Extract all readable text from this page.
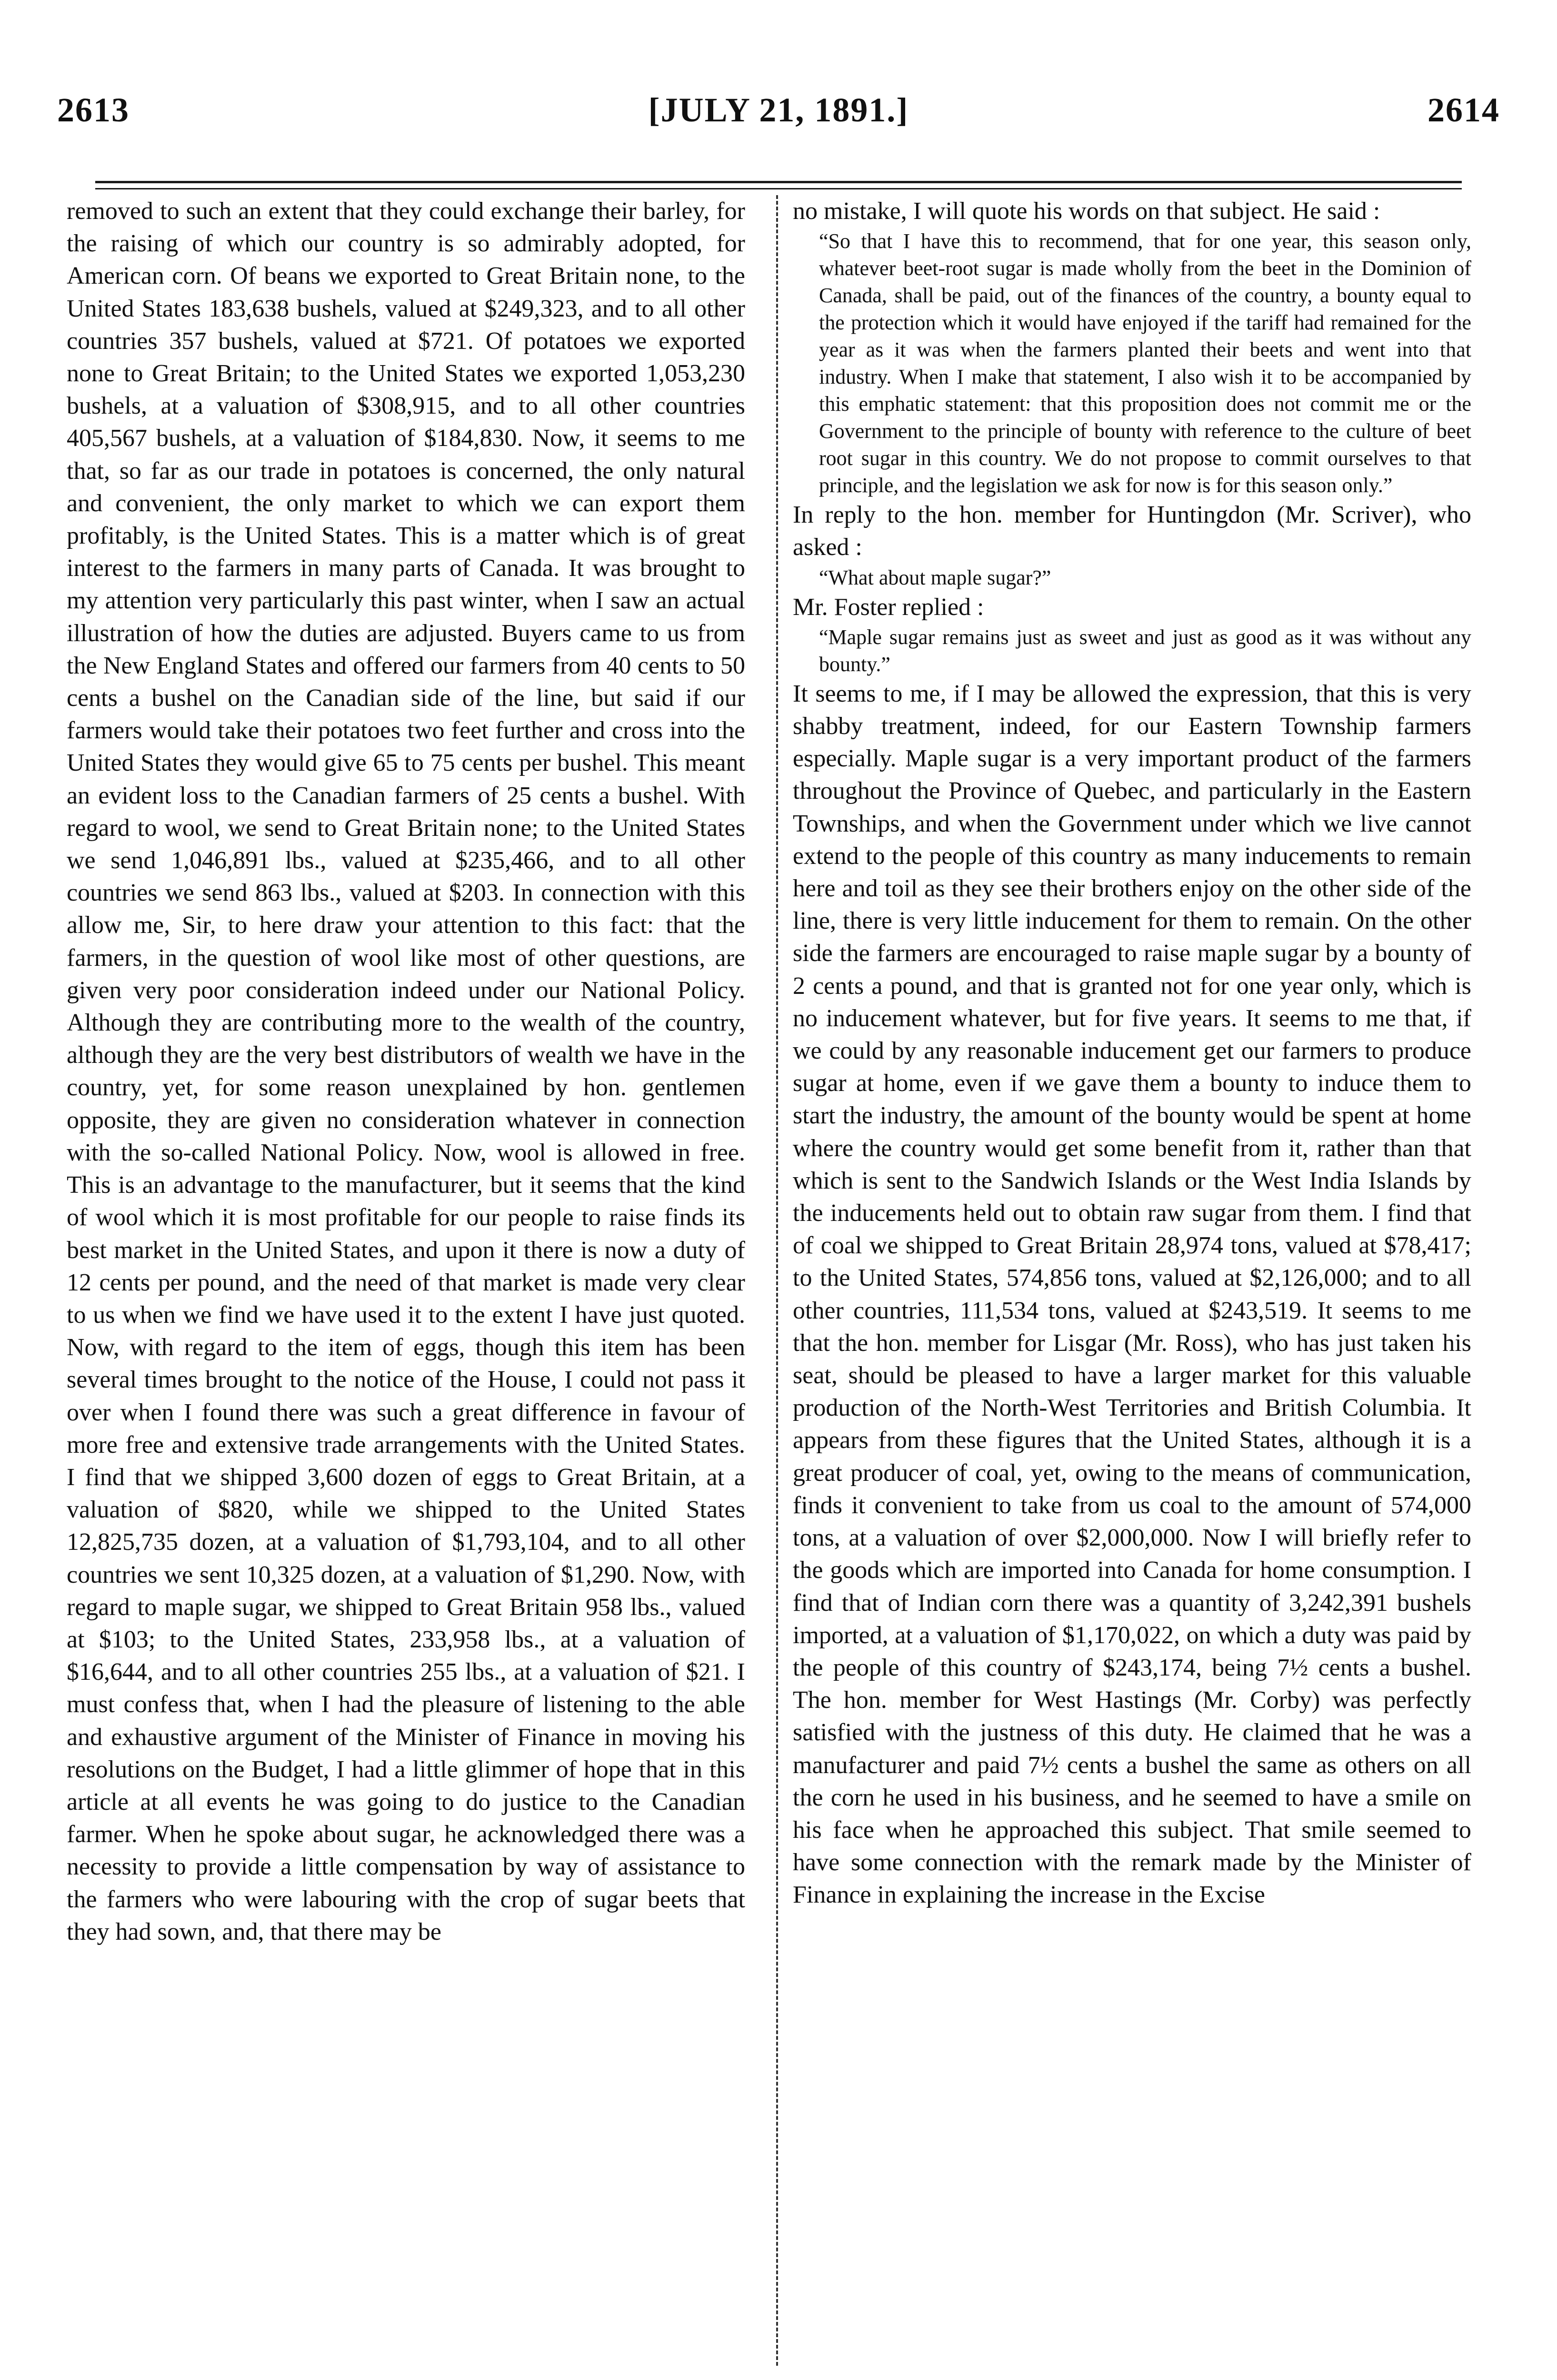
2613	[JULY 21, 1891.]	2614

removed to such an extent that they could exchange their barley, for the raising of which our country is so admirably adopted, for American corn. Of beans we exported to Great Britain none, to the United States 183,638 bushels, valued at $249,323, and to all other countries 357 bushels, valued at $721. Of potatoes we exported none to Great Britain; to the United States we exported 1,053,230 bushels, at a valuation of $308,915, and to all other countries 405,567 bushels, at a valuation of $184,830. Now, it seems to me that, so far as our trade in potatoes is concerned, the only natural and convenient, the only market to which we can export them profitably, is the United States. This is a matter which is of great interest to the farmers in many parts of Canada. It was brought to my attention very particularly this past winter, when I saw an actual illustration of how the duties are adjusted. Buyers came to us from the New England States and offered our farmers from 40 cents to 50 cents a bushel on the Canadian side of the line, but said if our farmers would take their potatoes two feet further and cross into the United States they would give 65 to 75 cents per bushel. This meant an evident loss to the Canadian farmers of 25 cents a bushel. With regard to wool, we send to Great Britain none; to the United States we send 1,046,891 lbs., valued at $235,466, and to all other countries we send 863 lbs., valued at $203. In connection with this allow me, Sir, to here draw your attention to this fact: that the farmers, in the question of wool like most of other questions, are given very poor consideration indeed under our National Policy. Although they are contributing more to the wealth of the country, although they are the very best distributors of wealth we have in the country, yet, for some reason unexplained by hon. gentlemen opposite, they are given no consideration whatever in connection with the so-called National Policy. Now, wool is allowed in free. This is an advantage to the manufacturer, but it seems that the kind of wool which it is most profitable for our people to raise finds its best market in the United States, and upon it there is now a duty of 12 cents per pound, and the need of that market is made very clear to us when we find we have used it to the extent I have just quoted. Now, with regard to the item of eggs, though this item has been several times brought to the notice of the House, I could not pass it over when I found there was such a great difference in favour of more free and extensive trade arrangements with the United States. I find that we shipped 3,600 dozen of eggs to Great Britain, at a valuation of $820, while we shipped to the United States 12,825,735 dozen, at a valuation of $1,793,104, and to all other countries we sent 10,325 dozen, at a valuation of $1,290. Now, with regard to maple sugar, we shipped to Great Britain 958 lbs., valued at $103; to the United States, 233,958 lbs., at a valuation of $16,644, and to all other countries 255 lbs., at a valuation of $21. I must confess that, when I had the pleasure of listening to the able and exhaustive argument of the Minister of Finance in moving his resolutions on the Budget, I had a little glimmer of hope that in this article at all events he was going to do justice to the Canadian farmer. When he spoke about sugar, he acknowledged there was a necessity to provide a little compensation by way of assistance to the farmers who were labouring with the crop of sugar beets that they had sown, and, that there may be

no mistake, I will quote his words on that subject. He said :

“So that I have this to recommend, that for one year, this season only, whatever beet-root sugar is made wholly from the beet in the Dominion of Canada, shall be paid, out of the finances of the country, a bounty equal to the protection which it would have enjoyed if the tariff had remained for the year as it was when the farmers planted their beets and went into that industry. When I make that statement, I also wish it to be accompanied by this emphatic statement: that this proposition does not commit me or the Government to the principle of bounty with reference to the culture of beet root sugar in this country. We do not propose to commit ourselves to that principle, and the legislation we ask for now is for this season only.”

In reply to the hon. member for Huntingdon (Mr. Scriver), who asked :

“What about maple sugar?”

Mr. Foster replied :

“Maple sugar remains just as sweet and just as good as it was without any bounty.”

It seems to me, if I may be allowed the expression, that this is very shabby treatment, indeed, for our Eastern Township farmers especially. Maple sugar is a very important product of the farmers throughout the Province of Quebec, and particularly in the Eastern Townships, and when the Government under which we live cannot extend to the people of this country as many inducements to remain here and toil as they see their brothers enjoy on the other side of the line, there is very little inducement for them to remain. On the other side the farmers are encouraged to raise maple sugar by a bounty of 2 cents a pound, and that is granted not for one year only, which is no inducement whatever, but for five years. It seems to me that, if we could by any reasonable inducement get our farmers to produce sugar at home, even if we gave them a bounty to induce them to start the industry, the amount of the bounty would be spent at home where the country would get some benefit from it, rather than that which is sent to the Sandwich Islands or the West India Islands by the inducements held out to obtain raw sugar from them. I find that of coal we shipped to Great Britain 28,974 tons, valued at $78,417; to the United States, 574,856 tons, valued at $2,126,000; and to all other countries, 111,534 tons, valued at $243,519. It seems to me that the hon. member for Lisgar (Mr. Ross), who has just taken his seat, should be pleased to have a larger market for this valuable production of the North-West Territories and British Columbia. It appears from these figures that the United States, although it is a great producer of coal, yet, owing to the means of communication, finds it convenient to take from us coal to the amount of 574,000 tons, at a valuation of over $2,000,000. Now I will briefly refer to the goods which are imported into Canada for home consumption. I find that of Indian corn there was a quantity of 3,242,391 bushels imported, at a valuation of $1,170,022, on which a duty was paid by the people of this country of $243,174, being 7½ cents a bushel. The hon. member for West Hastings (Mr. Corby) was perfectly satisfied with the justness of this duty. He claimed that he was a manufacturer and paid 7½ cents a bushel the same as others on all the corn he used in his business, and he seemed to have a smile on his face when he approached this subject. That smile seemed to have some connection with the remark made by the Minister of Finance in explaining the increase in the Excise
